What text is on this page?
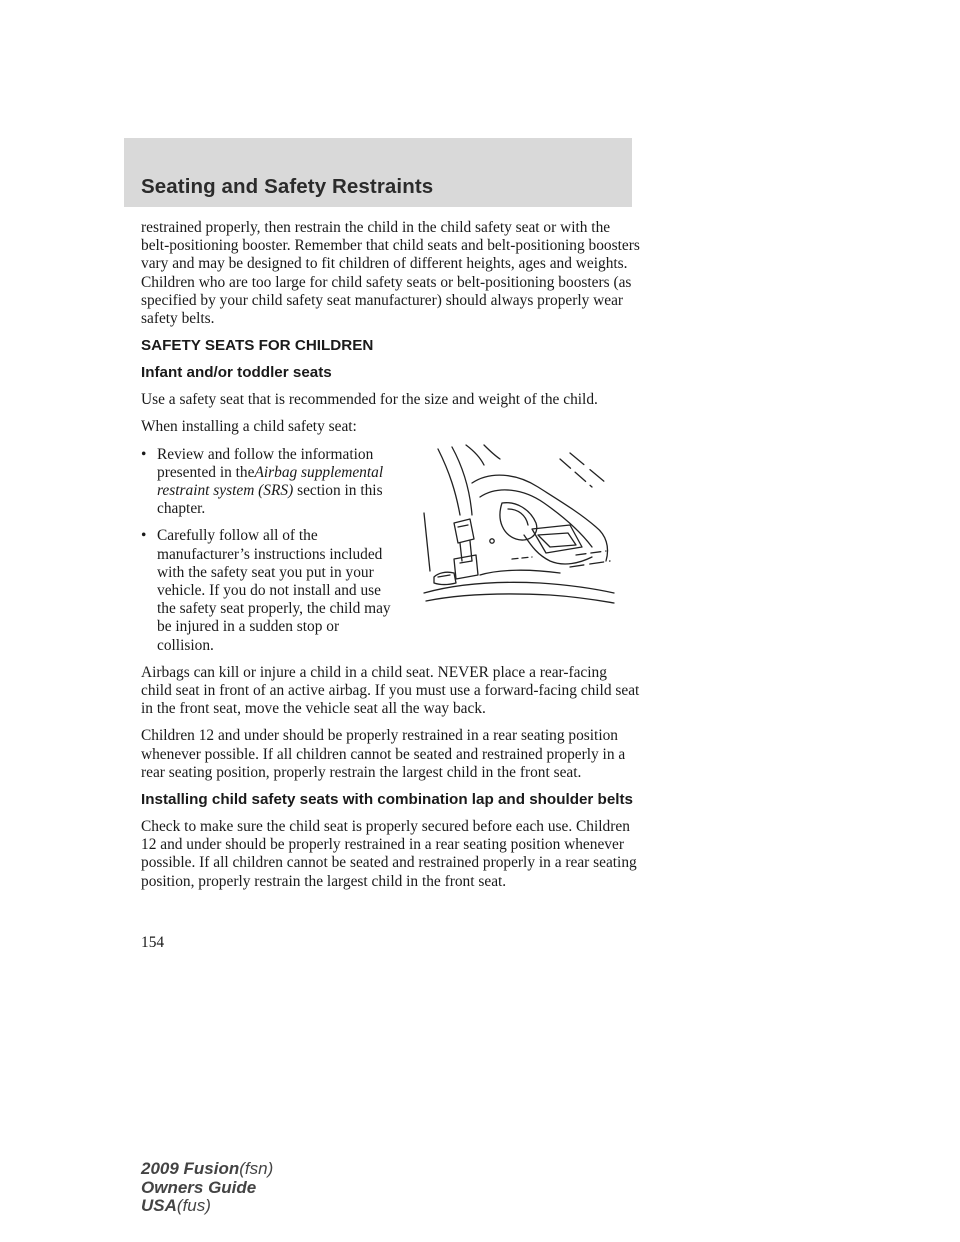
Seating and Safety Restraints

restrained properly, then restrain the child in the child safety seat or with the belt-positioning booster. Remember that child seats and belt-positioning boosters vary and may be designed to fit children of different heights, ages and weights. Children who are too large for child safety seats or belt-positioning boosters (as specified by your child safety seat manufacturer) should always properly wear safety belts.

SAFETY SEATS FOR CHILDREN
Infant and/or toddler seats

Use a safety seat that is recommended for the size and weight of the child.

When installing a child safety seat:

• Review and follow the information presented in theAirbag supplemental restraint system (SRS) section in this chapter.
• Carefully follow all of the manufacturer’s instructions included with the safety seat you put in your vehicle. If you do not install and use the safety seat properly, the child may be injured in a sudden stop or collision.

Airbags can kill or injure a child in a child seat. NEVER place a rear-facing child seat in front of an active airbag. If you must use a forward-facing child seat in the front seat, move the vehicle seat all the way back.

Children 12 and under should be properly restrained in a rear seating position whenever possible. If all children cannot be seated and restrained properly in a rear seating position, properly restrain the largest child in the front seat.

Installing child safety seats with combination lap and shoulder belts

Check to make sure the child seat is properly secured before each use. Children 12 and under should be properly restrained in a rear seating position whenever possible. If all children cannot be seated and restrained properly in a rear seating position, properly restrain the largest child in the front seat.

154
2009 Fusion(fsn)
Owners Guide
USA(fus)
